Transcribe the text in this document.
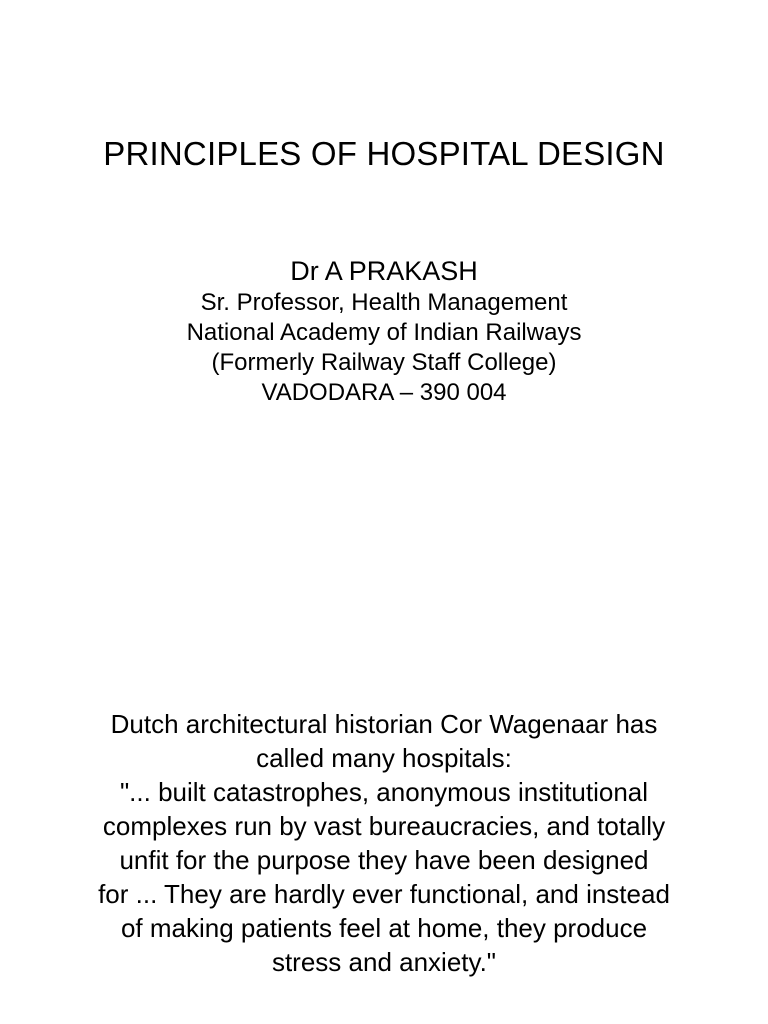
PRINCIPLES OF HOSPITAL DESIGN
Dr A PRAKASH
Sr. Professor, Health Management
National Academy of Indian Railways
(Formerly Railway Staff College)
VADODARA – 390 004
Dutch architectural historian Cor Wagenaar has
called many hospitals:
"... built catastrophes, anonymous institutional
complexes run by vast bureaucracies, and totally
unfit for the purpose they have been designed
for ... They are hardly ever functional, and instead
of making patients feel at home, they produce
stress and anxiety."
